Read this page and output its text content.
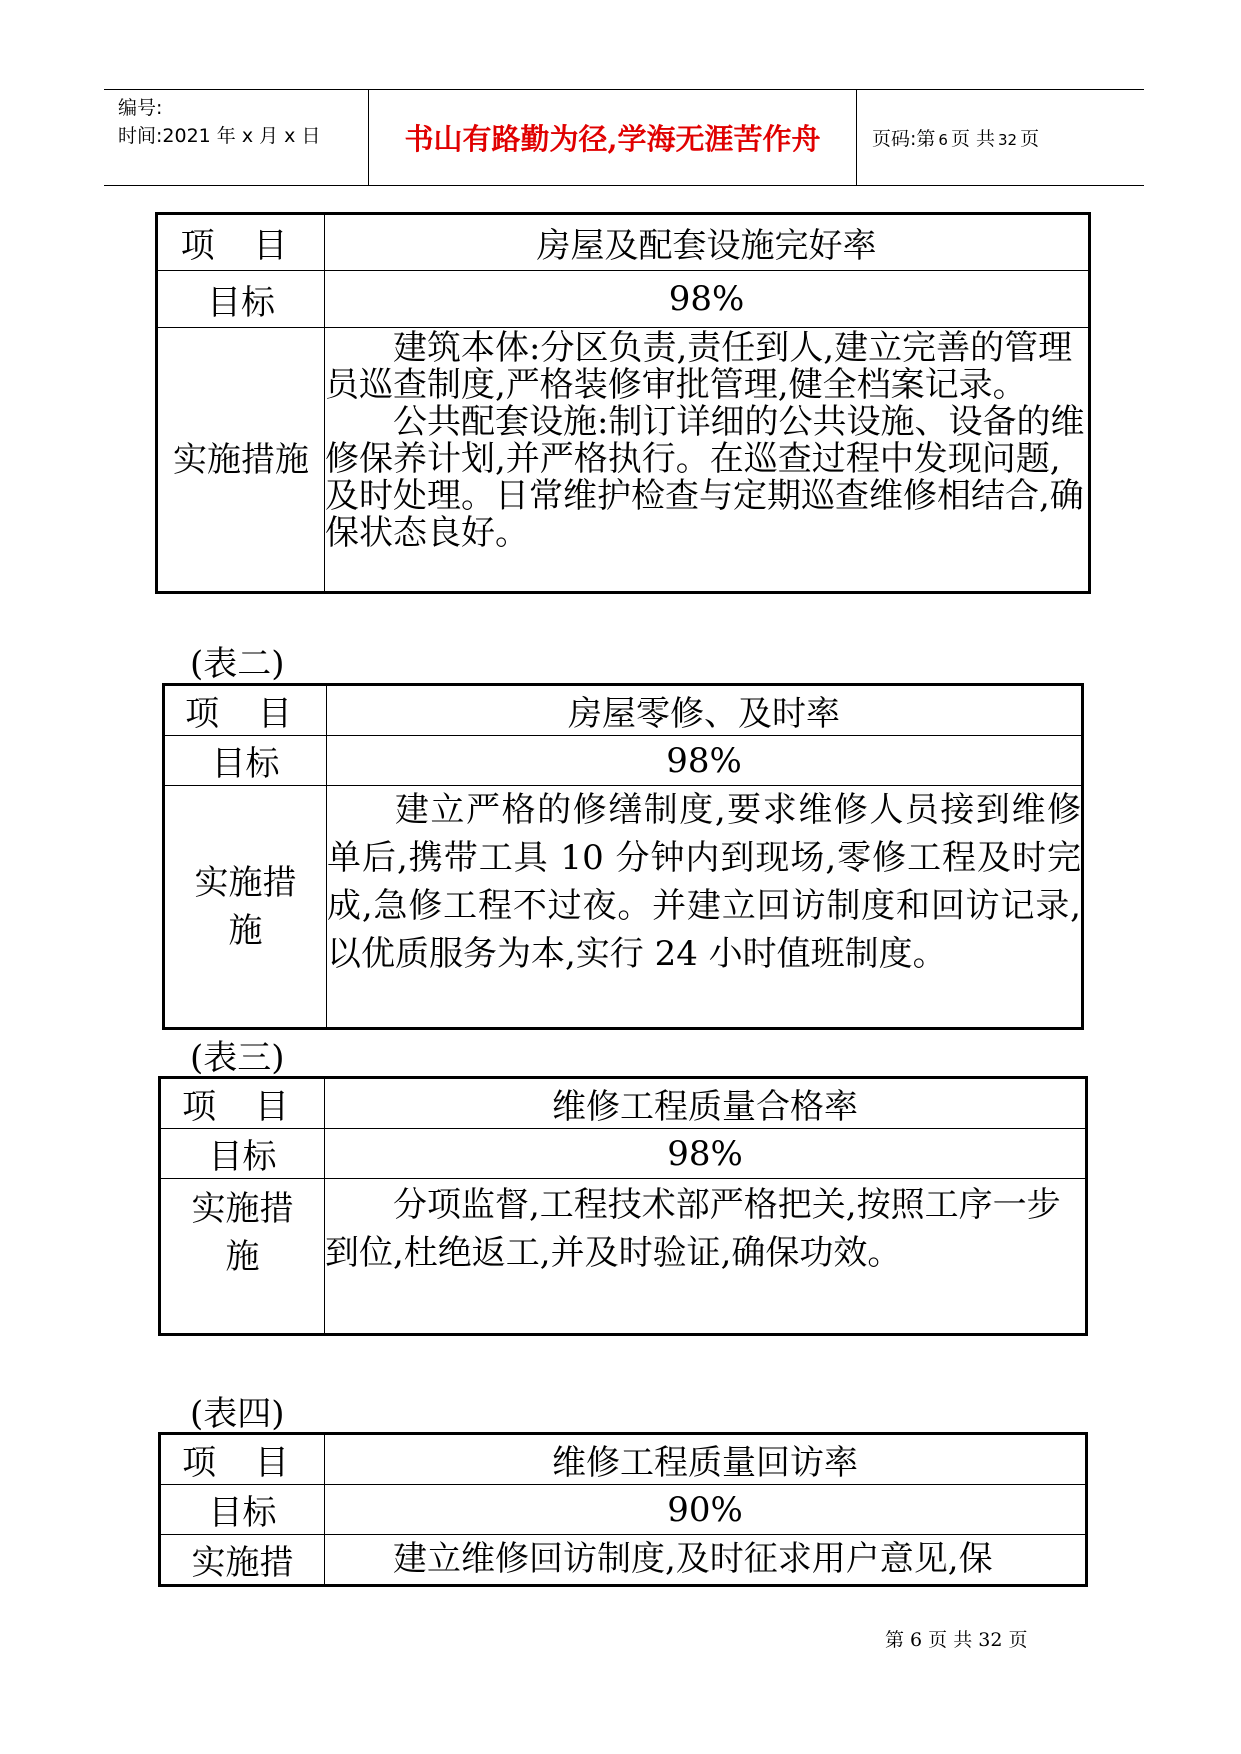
编号:
时间:2021 年 x 月 x 日	书山有路勤为径,学海无涯苦作舟	页码:第 6 页 共 32 页
项 目	房屋及配套设施完好率
目标	98%
实施措施	建筑本体:分区负责,责任到人,建立完善的管理员巡查制度,严格装修审批管理,健全档案记录。

公共配套设施:制订详细的公共设施、设备的维修保养计划,并严格执行。在巡查过程中发现问题,及时处理。日常维护检查与定期巡查维修相结合,确保状态良好。

(表二)
项 目	房屋零修、及时率
目标	98%
实施措施	建立严格的修缮制度,要求维修人员接到维修单后,携带工具 10 分钟内到现场,零修工程及时完成,急修工程不过夜。并建立回访制度和回访记录,以优质服务为本,实行 24 小时值班制度。

(表三)
项 目	维修工程质量合格率
目标	98%
实施措施	分项监督,工程技术部严格把关,按照工序一步到位,杜绝返工,并及时验证,确保功效。

(表四)
项 目	维修工程质量回访率
目标	90%
实施措	建立维修回访制度,及时征求用户意见,保

第 6 页 共 32 页
